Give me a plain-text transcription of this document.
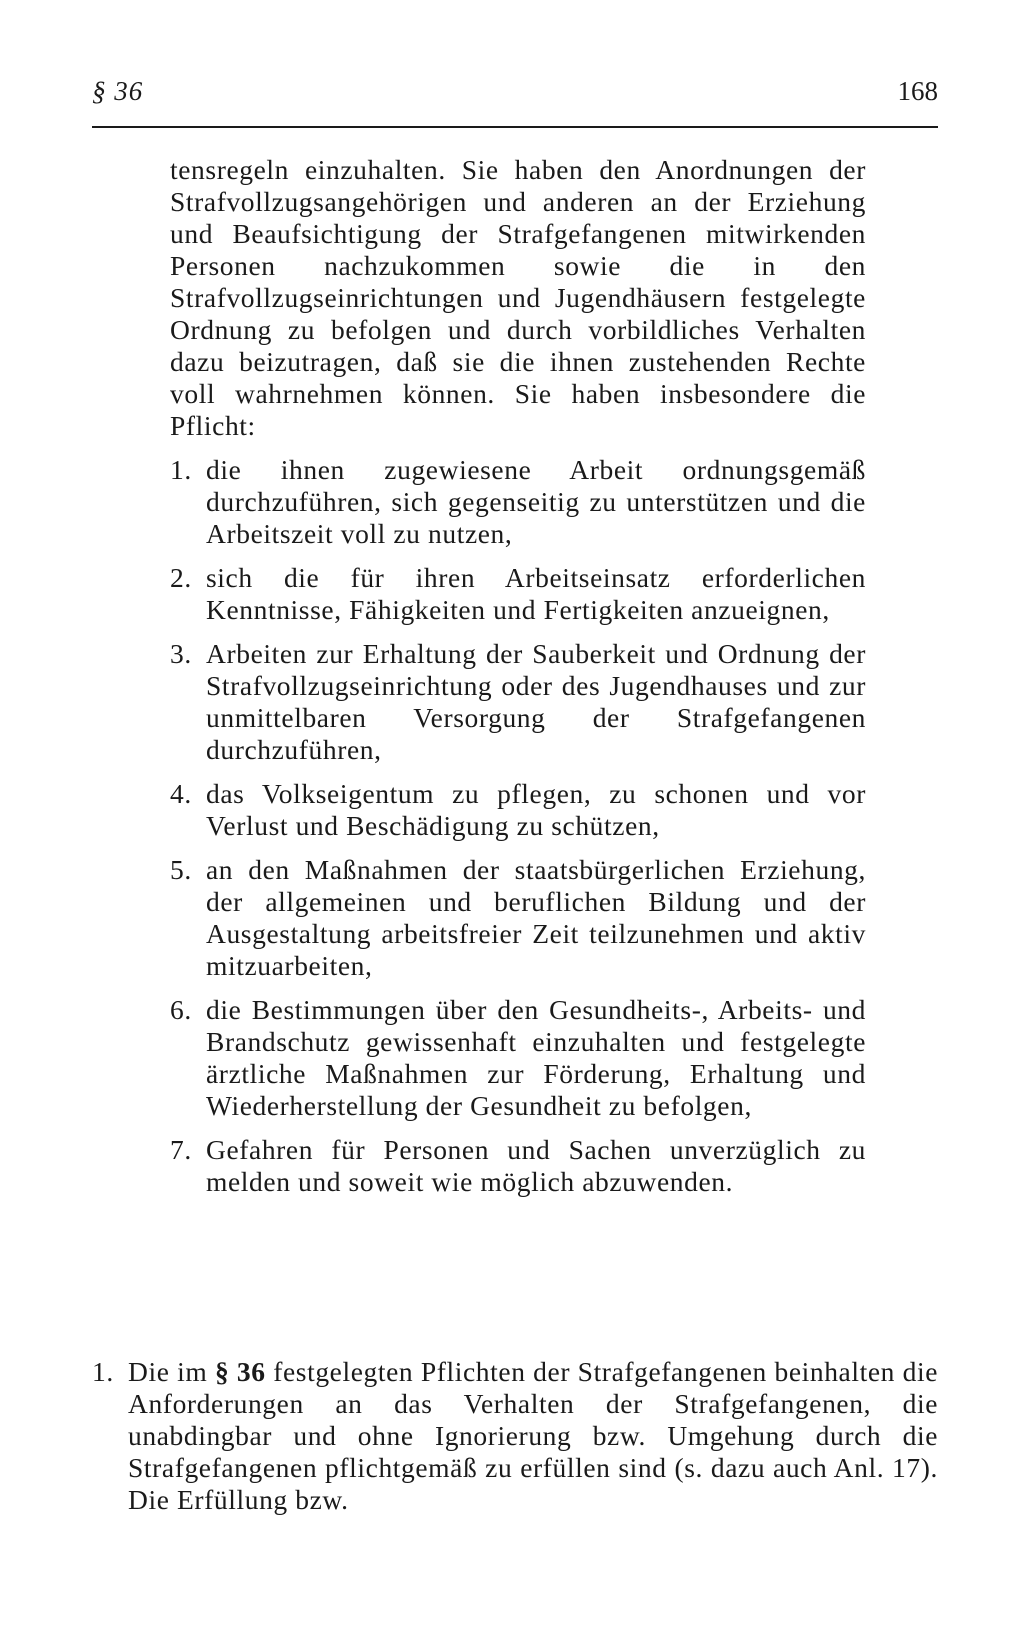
§ 36	168

tensregeln einzuhalten. Sie haben den Anordnungen der Strafvollzugsangehörigen und anderen an der Erziehung und Beaufsichtigung der Strafgefangenen mitwirkenden Personen nachzukommen sowie die in den Strafvollzugseinrichtungen und Jugendhäusern festgelegte Ordnung zu befolgen und durch vorbildliches Verhalten dazu beizutragen, daß sie die ihnen zustehenden Rechte voll wahrnehmen können. Sie haben insbesondere die Pflicht:

1. die ihnen zugewiesene Arbeit ordnungsgemäß durchzuführen, sich gegenseitig zu unterstützen und die Arbeitszeit voll zu nutzen,
2. sich die für ihren Arbeitseinsatz erforderlichen Kenntnisse, Fähigkeiten und Fertigkeiten anzueignen,
3. Arbeiten zur Erhaltung der Sauberkeit und Ordnung der Strafvollzugseinrichtung oder des Jugendhauses und zur unmittelbaren Versorgung der Strafgefangenen durchzuführen,
4. das Volkseigentum zu pflegen, zu schonen und vor Verlust und Beschädigung zu schützen,
5. an den Maßnahmen der staatsbürgerlichen Erziehung, der allgemeinen und beruflichen Bildung und der Ausgestaltung arbeitsfreier Zeit teilzunehmen und aktiv mitzuarbeiten,
6. die Bestimmungen über den Gesundheits-, Arbeits- und Brandschutz gewissenhaft einzuhalten und festgelegte ärztliche Maßnahmen zur Förderung, Erhaltung und Wiederherstellung der Gesundheit zu befolgen,
7. Gefahren für Personen und Sachen unverzüglich zu melden und soweit wie möglich abzuwenden.
1. Die im § 36 festgelegten Pflichten der Strafgefangenen beinhalten die Anforderungen an das Verhalten der Strafgefangenen, die unabdingbar und ohne Ignorierung bzw. Umgehung durch die Strafgefangenen pflichtgemäß zu erfüllen sind (s. dazu auch Anl. 17). Die Erfüllung bzw.
